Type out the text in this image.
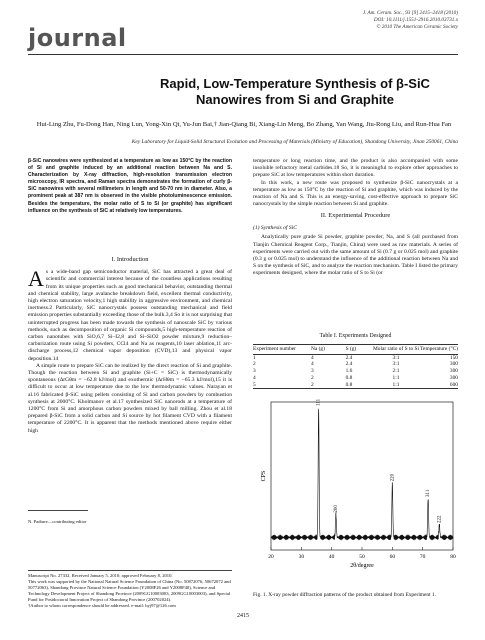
journal
J. Am. Ceram. Soc., 93 [9] 2415–2418 (2010)
DOI: 10.1111/j.1551-2916.2010.03731.x
© 2010 The American Ceramic Society
Rapid, Low-Temperature Synthesis of β-SiC Nanowires from Si and Graphite
Hui-Ling Zhu, Fu-Dong Han, Ning Lun, Yong-Xin Qi, Yu-Jun Bai,† Jian-Qiang Bi, Xiang-Lin Meng, Bo Zhang, Yan Wang, Jiu-Rong Liu, and Run-Hua Fan
Key Laboratory for Liquid-Solid Structural Evolution and Processing of Materials (Ministry of Education), Shandong University, Jinan 250061, China
β-SiC nanowires were synthesized at a temperature as low as 150°C by the reaction of Si and graphite induced by an additional reaction between Na and S. Characterization by X-ray diffraction, high-resolution transmission electron microscopy, IR spectra, and Raman spectra demonstrates the formation of curly β-SiC nanowires with several millimeters in length and 50-70 nm in diameter. Also, a prominent peak at 387 nm is observed in the visible photoluminescence emission. Besides the temperature, the molar ratio of S to Si (or graphite) has significant influence on the synthesis of SiC at relatively low temperatures.
I. Introduction

As a wide-band gap semiconductor material, SiC has attracted a great deal of scientific and commercial interest because of the countless applications resulting from its unique properties such as good mechanical behavior, outstanding thermal and chemical stability, large avalanche breakdown field, excellent thermal conductivity, high electron saturation velocity,1 high stability in aggressive environment, and chemical inertness.2 Particularly, SiC nanocrystals possess outstanding mechanical and field emission properties substantially exceeding those of the bulk.3,4 So it is not surprising that uninterrupted progress has been made towards the synthesis of nanoscale SiC by various methods, such as decomposition of organic Si compounds,5 high-temperature reaction of carbon nanotubes with SiO,6,7 Si–I2,8 and Si–SiO2 powder mixture,9 reduction–carburization route using Si powders, CCl4 and Na as reagents,10 laser ablation,11 arc-discharge process,12 chemical vapor deposition (CVD),13 and physical vapor deposition.14

A simple route to prepare SiC can be realized by the direct reaction of Si and graphite. Though the reaction between Si and graphite (Si+C = SiC) is thermodynamically spontaneous (ΔrGθm = −62.8 kJ/mol) and exothermic (ΔrHθm = −65.3 kJ/mol),15 it is difficult to occur at low temperature due to the low thermodynamic values. Narayan et al.16 fabricated β-SiC using pellets consisting of Si and carbon powders by combustion synthesis at 2000°C. Kholmanov et al.17 synthesized SiC nanorods at a temperature of 1200°C from Si and amorphous carbon powders mixed by ball milling. Zhou et al.18 prepared β-SiC from a solid carbon and Si source by hot filament CVD with a filament temperature of 2200°C. It is apparent that the methods mentioned above require either high

N. Padture—contributing editor
Manuscript No. 27332. Received January 5, 2010; approved February 8, 2010.
This work was supported by the National Natural Science Foundation of China (No. 50872076, 50672072 and 50772063), Shandong Province Natural Science Foundation (Y2008F26 and Y2008F40), Science and Technology Development Project of Shandong Province (2009GG10003003, 2009GG10003003), and Special Fund for Postdoctoral Innovation Project of Shandong Province (200702024).
†Author to whom correspondence should be addressed. e-mail: byj97@126.com

temperature or long reaction time, and the product is also accompanied with some insoluble refractory metal carbides.18 So, it is meaningful to explore other approaches to prepare SiC at low temperatures within short duration.

In this work, a new route was proposed to synthesize β-SiC nanocrystals at a temperature as low as 150°C by the reaction of Si and graphite, which was induced by the reaction of Na and S. This is an energy-saving, cost-effective approach to prepare SiC nanocrystals by the simple reaction between Si and graphite.

II. Experimental Procedure
(1) Synthesis of SiC

Analytically pure grade Si powder, graphite powder, Na, and S (all purchased from Tianjin Chemical Reagent Corp., Tianjin, China) were used as raw materials. A series of experiments were carried out with the same amount of Si (0.7 g or 0.025 mol) and graphite (0.3 g or 0.025 mol) to understand the influence of the additional reaction between Na and S on the synthesis of SiC, and to analyze the reaction mechanism. Table I listed the primary experiments designed, where the molar ratio of S to Si (or

Table I. Experiments Designed
Experiment number	Na (g)	S (g)	Molar ratio of S to Si	Temperature (°C)
1	4	2.4	3:1	150
2	4	2.4	3:1	300
3	3	1.6	2:1	300
4	2	0.8	1:1	300
5	2	0.8	1:1	600
111
200
220
311
222
20	30	40	50	60	70	80
2θ/degree
CPS
Fig. 1. X-ray powder diffraction patterns of the product obtained from Experiment 1.
2415
